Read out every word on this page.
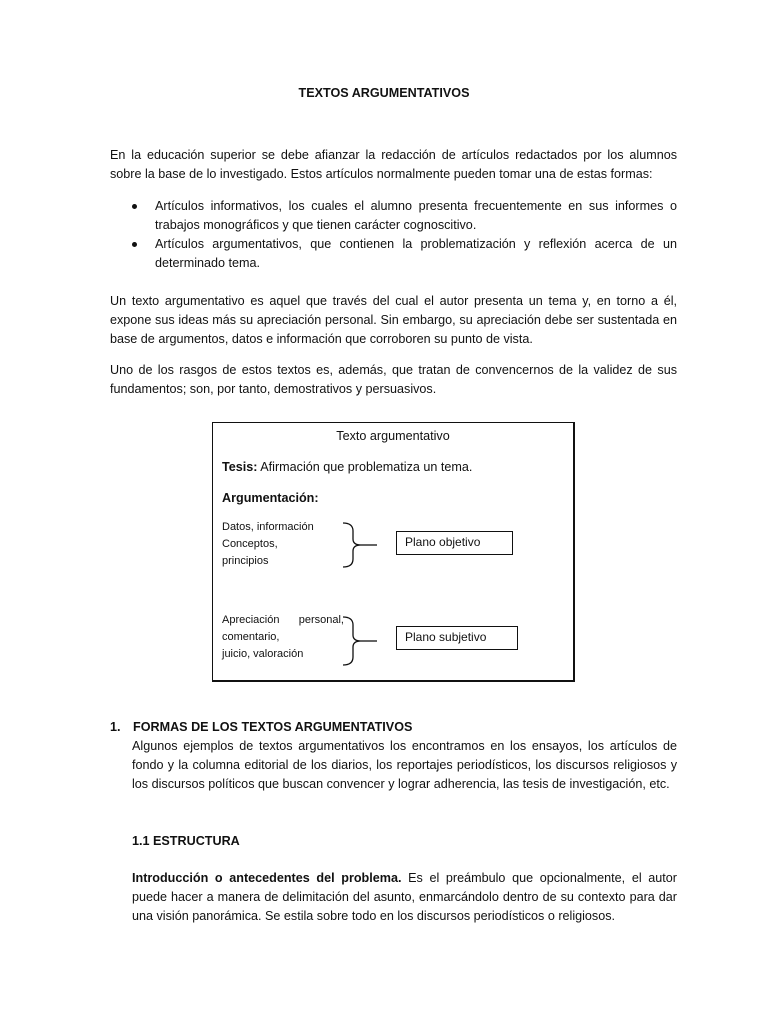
TEXTOS ARGUMENTATIVOS
En la educación superior se debe afianzar la redacción de artículos redactados por los alumnos sobre la base de lo investigado. Estos artículos normalmente pueden tomar una de estas formas:
Artículos informativos, los cuales el alumno presenta frecuentemente en sus informes o trabajos monográficos y que tienen carácter cognoscitivo.
Artículos argumentativos, que contienen la problematización y reflexión acerca de un determinado tema.
Un texto argumentativo es aquel que través del cual el autor presenta un tema y, en torno a él, expone sus ideas más su apreciación personal. Sin embargo, su apreciación debe ser sustentada en base de argumentos, datos e información que corroboren su punto de vista.
Uno de los rasgos de estos textos es, además, que tratan de convencernos de la validez de sus fundamentos; son, por tanto, demostrativos y persuasivos.
Texto argumentativo
Tesis: Afirmación que problematiza un tema.
Argumentación:
Datos, información
Conceptos,
principios
Plano objetivo
Apreciación personal,
comentario,
juicio, valoración
Plano subjetivo
1. FORMAS DE LOS TEXTOS ARGUMENTATIVOS
Algunos ejemplos de textos argumentativos los encontramos en los ensayos, los artículos de fondo y la columna editorial de los diarios, los reportajes periodísticos, los discursos religiosos y los discursos políticos que buscan convencer y lograr adherencia, las tesis de investigación, etc.
1.1 ESTRUCTURA
Introducción o antecedentes del problema. Es el preámbulo que opcionalmente, el autor puede hacer a manera de delimitación del asunto, enmarcándolo dentro de su contexto para dar una visión panorámica. Se estila sobre todo en los discursos periodísticos o religiosos.
